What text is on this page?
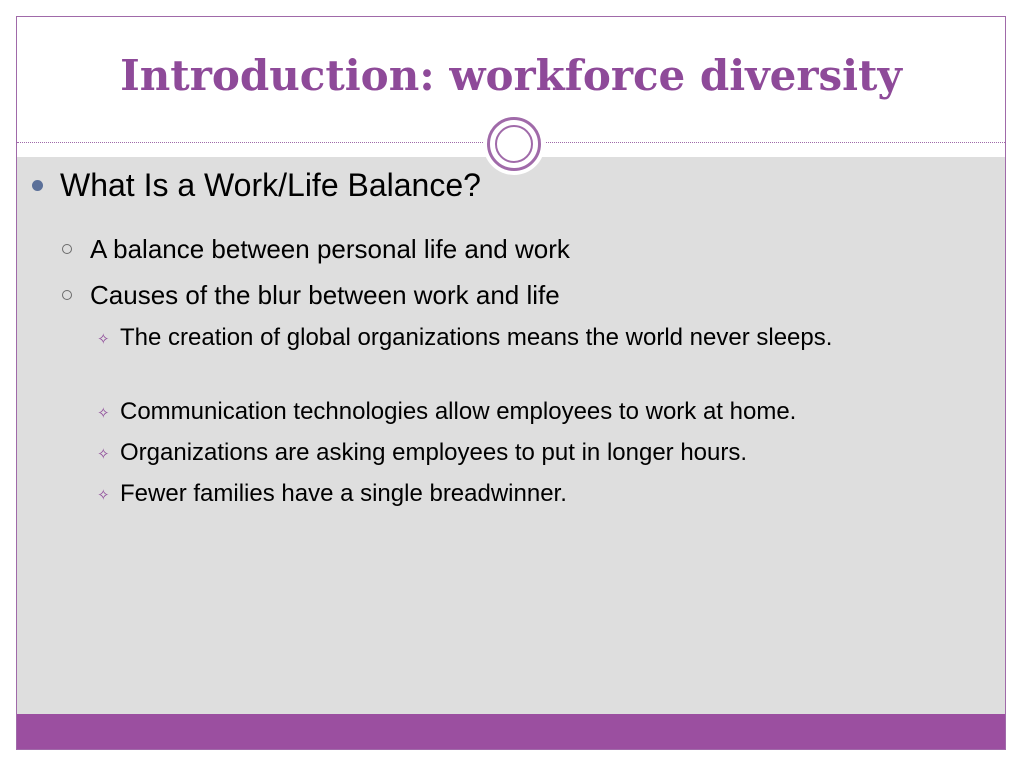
Introduction: workforce diversity
What Is a Work/Life Balance?
A balance between personal life and work
Causes of the blur between work and life
✧ The creation of global organizations means the world never sleeps.
✧ Communication technologies allow employees to work at home.
✧ Organizations are asking employees to put in longer hours.
✧ Fewer families have a single breadwinner.
